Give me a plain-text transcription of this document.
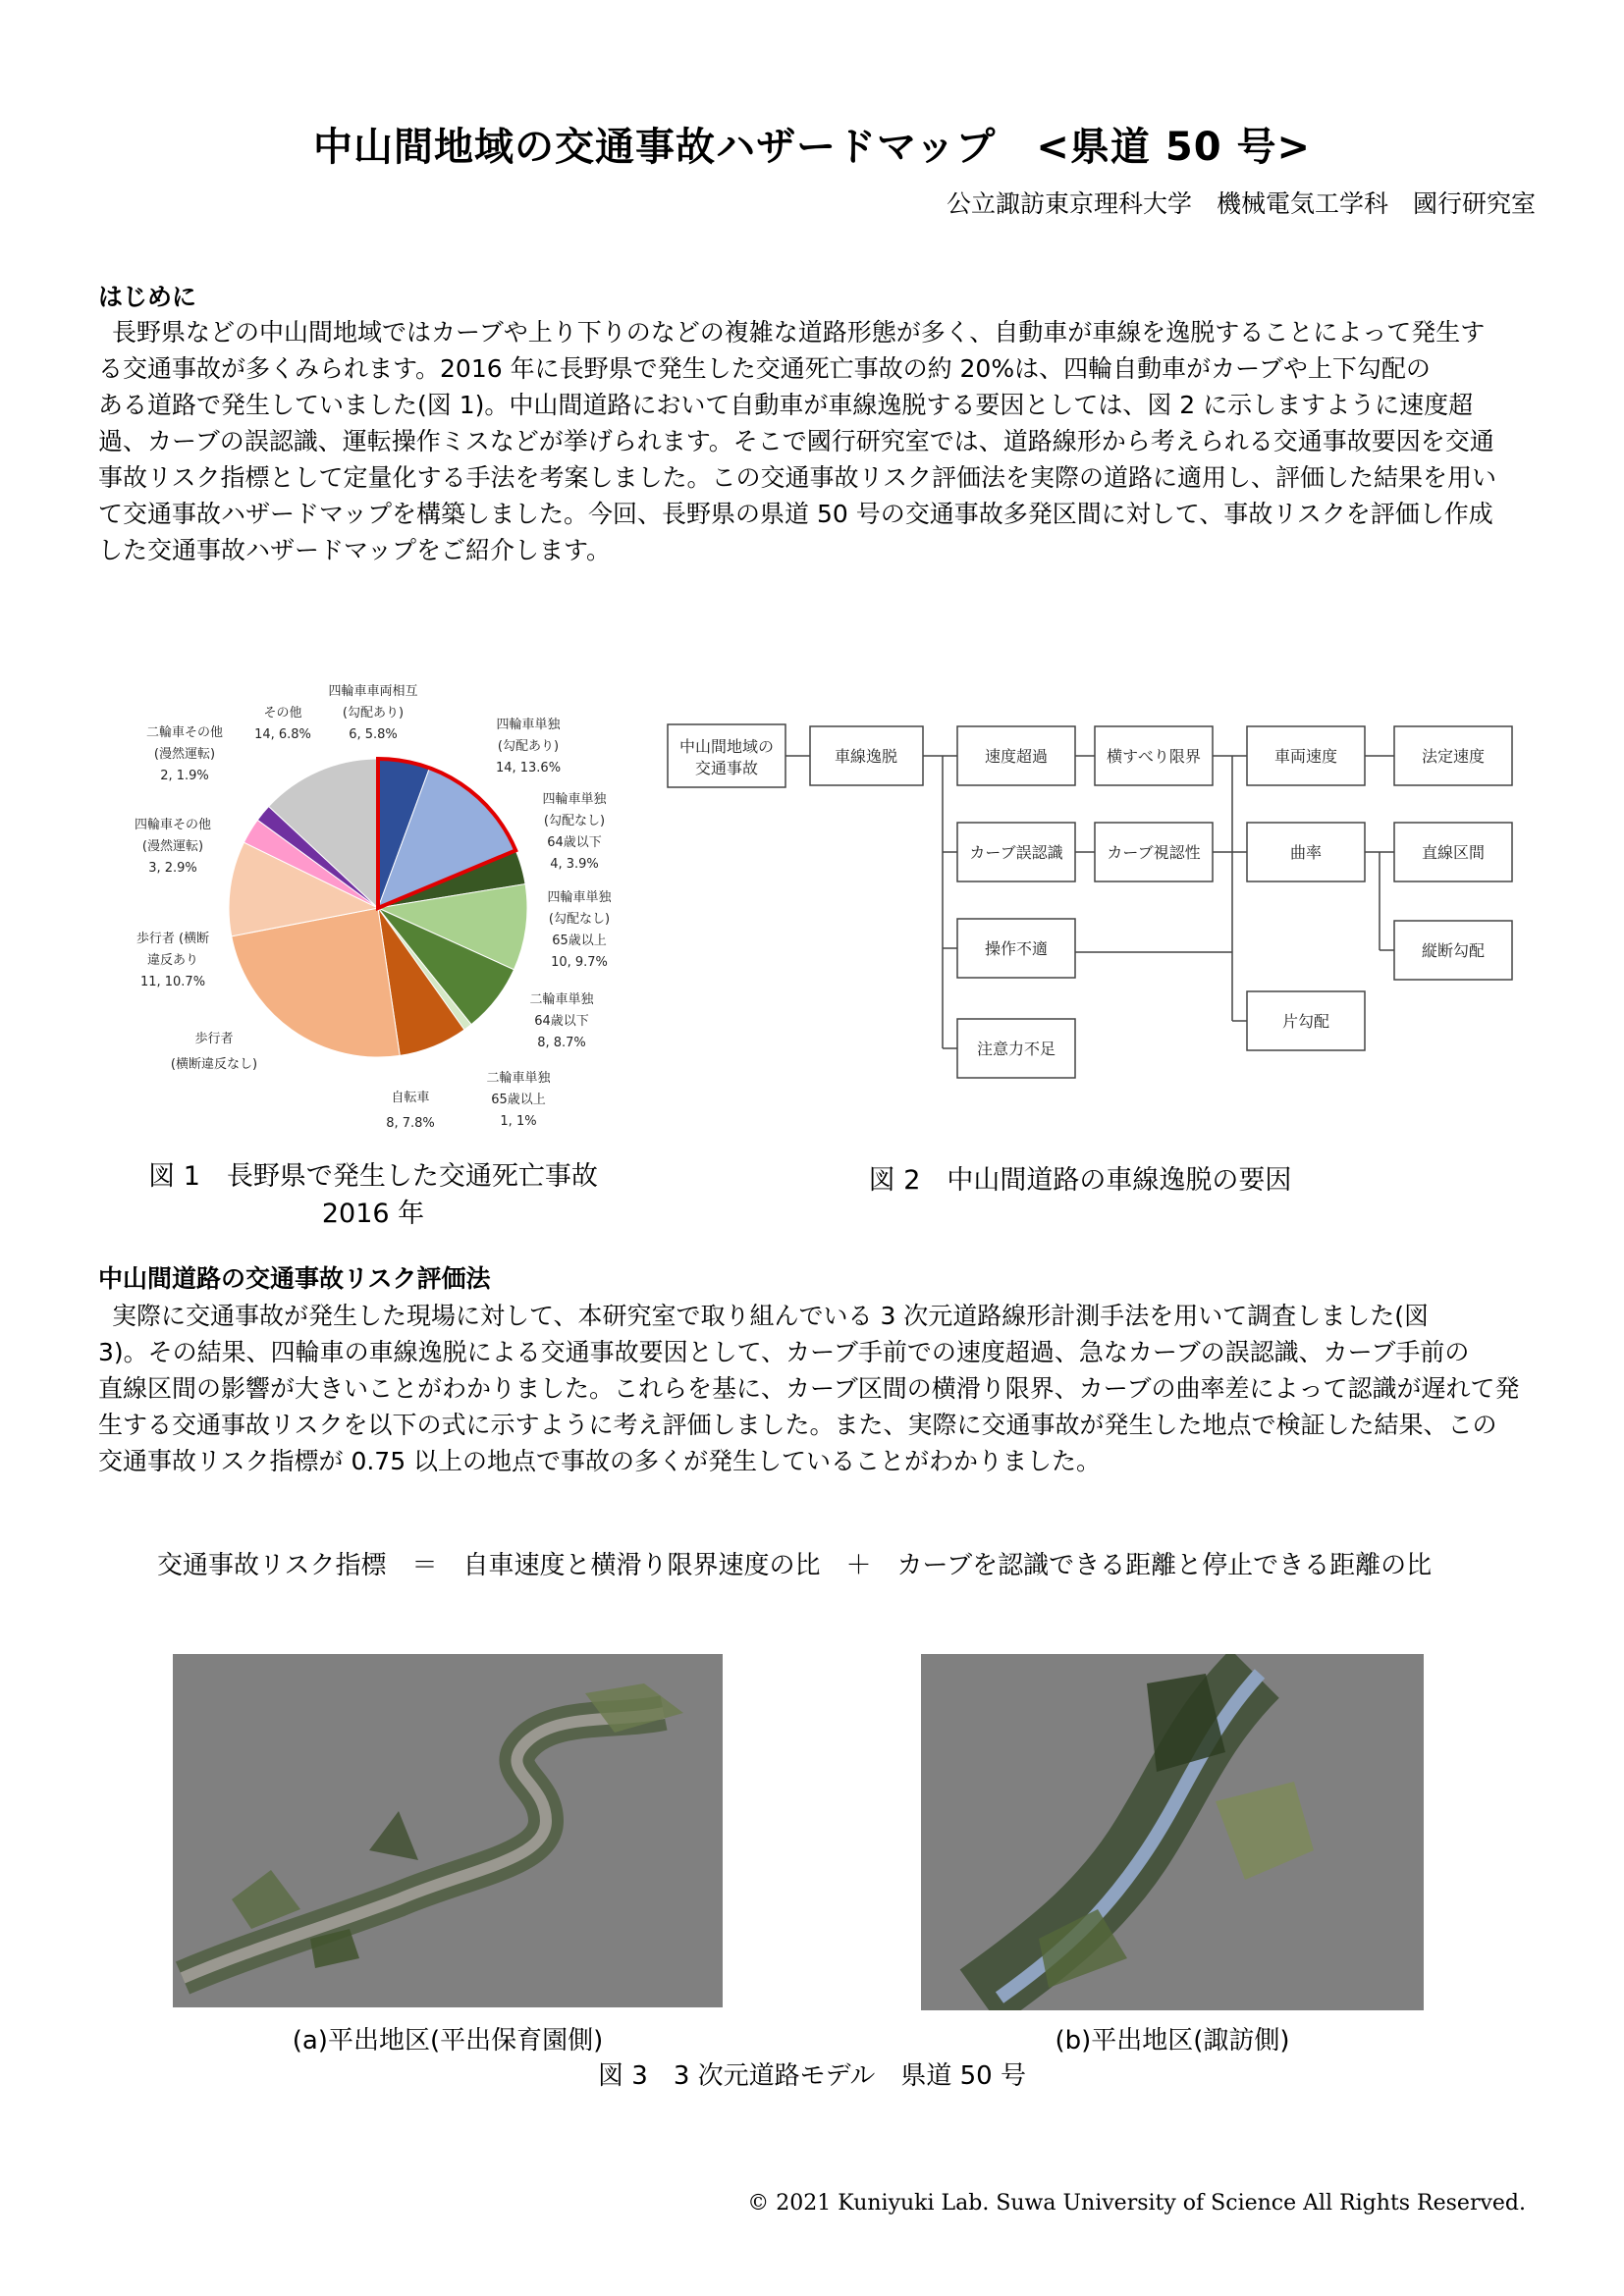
中山間地域の交通事故ハザードマップ　<県道 50 号>
公立諏訪東京理科大学　機械電気工学科　國行研究室
はじめに
長野県などの中山間地域ではカーブや上り下りのなどの複雑な道路形態が多く、自動車が車線を逸脱することによって発生す
る交通事故が多くみられます。2016 年に長野県で発生した交通死亡事故の約 20%は、四輪自動車がカーブや上下勾配の
ある道路で発生していました(図 1)。中山間道路において自動車が車線逸脱する要因としては、図 2 に示しますように速度超
過、カーブの誤認識、運転操作ミスなどが挙げられます。そこで國行研究室では、道路線形から考えられる交通事故要因を交通
事故リスク指標として定量化する手法を考案しました。この交通事故リスク評価法を実際の道路に適用し、評価した結果を用い
て交通事故ハザードマップを構築しました。今回、長野県の県道 50 号の交通事故多発区間に対して、事故リスクを評価し作成
した交通事故ハザードマップをご紹介します。
四輪車車両相互
(勾配あり)
6, 5.8%
四輪車単独
(勾配あり)
14, 13.6%
四輪車単独
(勾配なし)
64歳以下
4, 3.9%
四輪車単独
(勾配なし)
65歳以上
10, 9.7%
二輪車単独
64歳以下
8, 8.7%
二輪車単独
65歳以上
1, 1%
自転車
8, 7.8%
歩行者
(横断違反なし)
歩行者 (横断
違反あり
11, 10.7%
四輪車その他
(漫然運転)
3, 2.9%
二輪車その他
(漫然運転)
2, 1.9%
その他
14, 6.8%
図 1　長野県で発生した交通死亡事故
2016 年
中山間地域の
交通事故
車線逸脱	速度超過	横すべり限界	車両速度	法定速度
カーブ誤認識	カーブ視認性	曲率	直線区間
縦断勾配
操作不適
片勾配
注意力不足
図 2　中山間道路の車線逸脱の要因
中山間道路の交通事故リスク評価法
実際に交通事故が発生した現場に対して、本研究室で取り組んでいる 3 次元道路線形計測手法を用いて調査しました(図
3)。その結果、四輪車の車線逸脱による交通事故要因として、カーブ手前での速度超過、急なカーブの誤認識、カーブ手前の
直線区間の影響が大きいことがわかりました。これらを基に、カーブ区間の横滑り限界、カーブの曲率差によって認識が遅れて発
生する交通事故リスクを以下の式に示すように考え評価しました。また、実際に交通事故が発生した地点で検証した結果、この
交通事故リスク指標が 0.75 以上の地点で事故の多くが発生していることがわかりました。
交通事故リスク指標　＝　自車速度と横滑り限界速度の比　＋　カーブを認識できる距離と停止できる距離の比
(a)平出地区(平出保育園側)	(b)平出地区(諏訪側)
図 3　3 次元道路モデル　県道 50 号
© 2021 Kuniyuki Lab. Suwa University of Science All Rights Reserved.
